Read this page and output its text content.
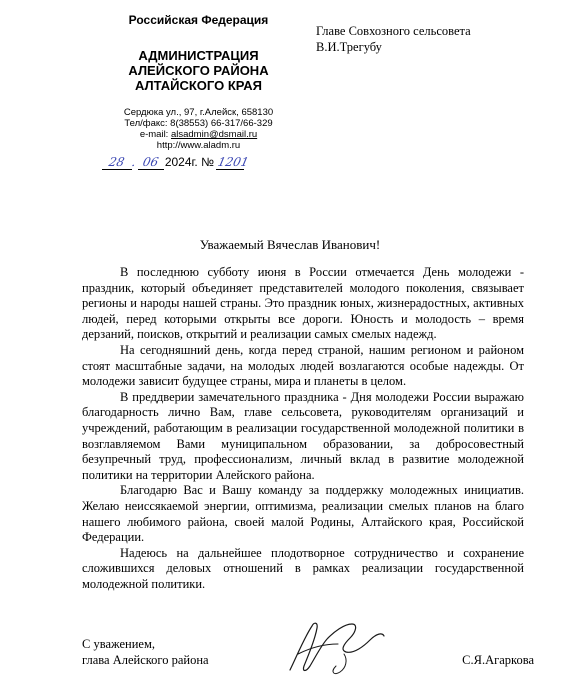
Российская Федерация
АДМИНИСТРАЦИЯ
АЛЕЙСКОГО РАЙОНА
АЛТАЙСКОГО КРАЯ
Сердюка ул., 97, г.Алейск, 658130
Тел/факс: 8(38553) 66-317/66-329
e-mail: alsadmin@dsmail.ru
http://www.aladm.ru
28 . 06 2024г.
№ 1201
Главе Совхозного сельсовета
В.И.Трегубу
Уважаемый Вячеслав Иванович!

В последнюю субботу июня в России отмечается День молодежи - праздник, который объединяет представителей молодого поколения, связывает регионы и народы нашей страны. Это праздник юных, жизнерадостных, активных людей, перед которыми открыты все дороги. Юность и молодость – время дерзаний, поисков, открытий и реализации самых смелых надежд.

На сегодняшний день, когда перед страной, нашим регионом и районом стоят масштабные задачи, на молодых людей возлагаются особые надежды. От молодежи зависит будущее страны, мира и планеты в целом.

В преддверии замечательного праздника - Дня молодежи России выражаю благодарность лично Вам, главе сельсовета, руководителям организаций и учреждений, работающим в реализации государственной молодежной политики в возглавляемом Вами муниципальном образовании, за добросовестный безупречный труд, профессионализм, личный вклад в развитие молодежной политики на территории Алейского района.

Благодарю Вас и Вашу команду за поддержку молодежных инициатив. Желаю неиссякаемой энергии, оптимизма, реализации смелых планов на благо нашего любимого района, своей малой Родины, Алтайского края, Российской Федерации.

Надеюсь на дальнейшее плодотворное сотрудничество и сохранение сложившихся деловых отношений в рамках реализации государственной молодежной политики.

С уважением,
глава Алейского района	С.Я.Агаркова
